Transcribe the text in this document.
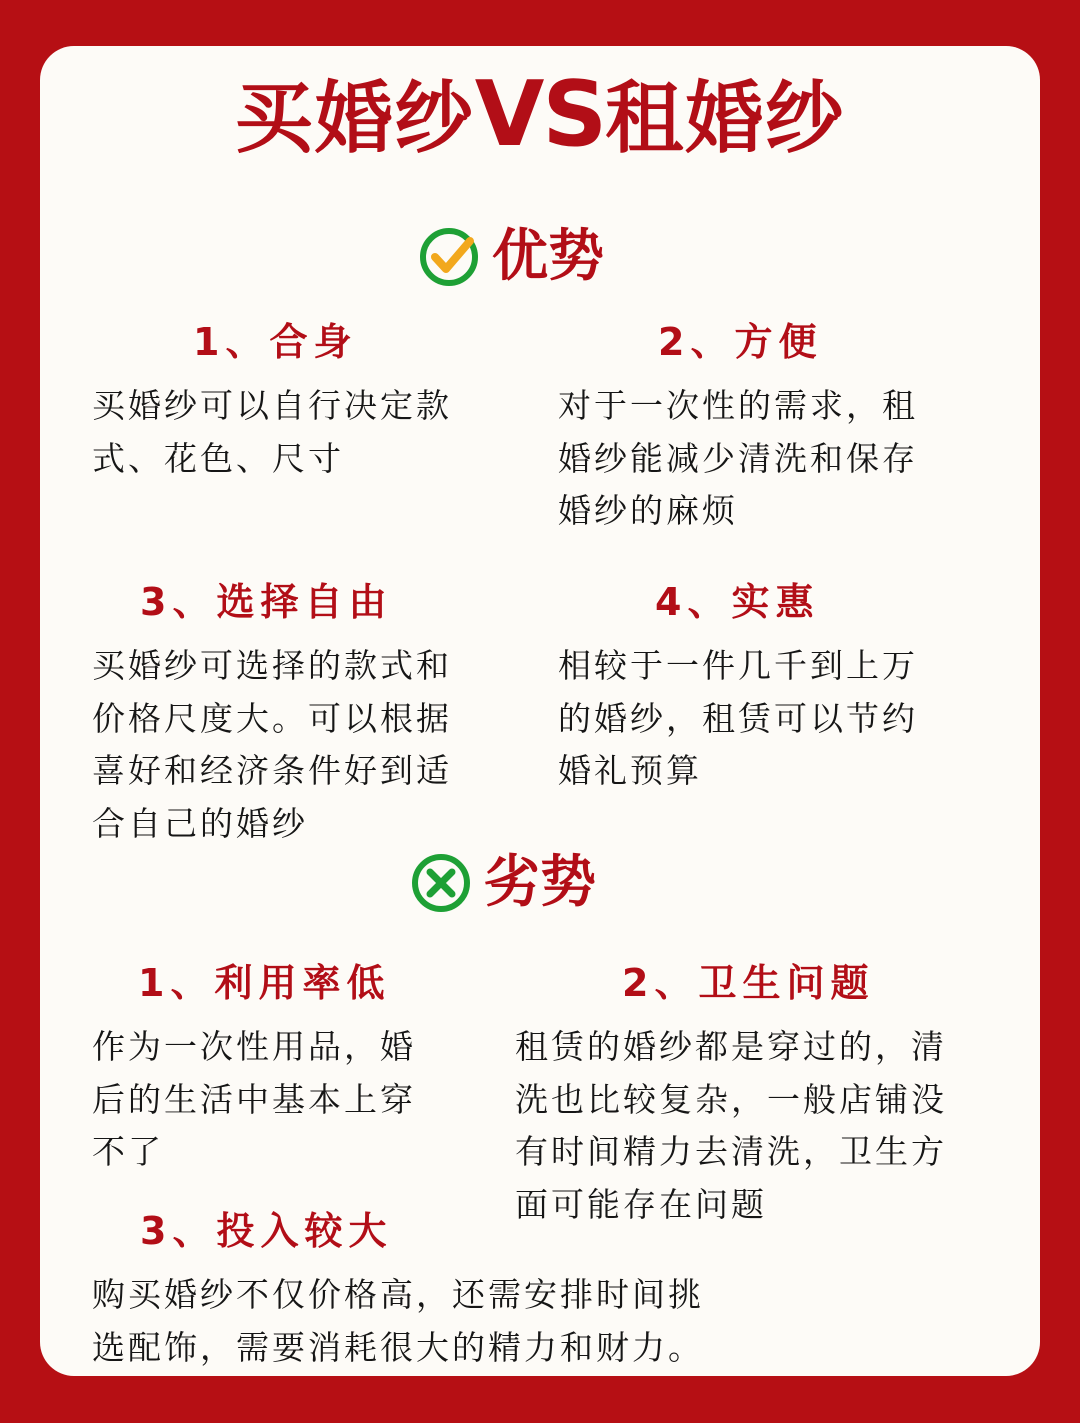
买婚纱VS租婚纱
优势
1、合身
买婚纱可以自行决定款式、花色、尺寸
2、方便
对于一次性的需求，租婚纱能减少清洗和保存婚纱的麻烦
3、选择自由
买婚纱可选择的款式和价格尺度大。可以根据喜好和经济条件好到适合自己的婚纱
4、实惠
相较于一件几千到上万的婚纱，租赁可以节约婚礼预算
劣势
1、利用率低
作为一次性用品，婚后的生活中基本上穿不了
2、卫生问题
租赁的婚纱都是穿过的，清洗也比较复杂，一般店铺没有时间精力去清洗，卫生方面可能存在问题
3、投入较大
购买婚纱不仅价格高，还需安排时间挑选配饰，需要消耗很大的精力和财力。
